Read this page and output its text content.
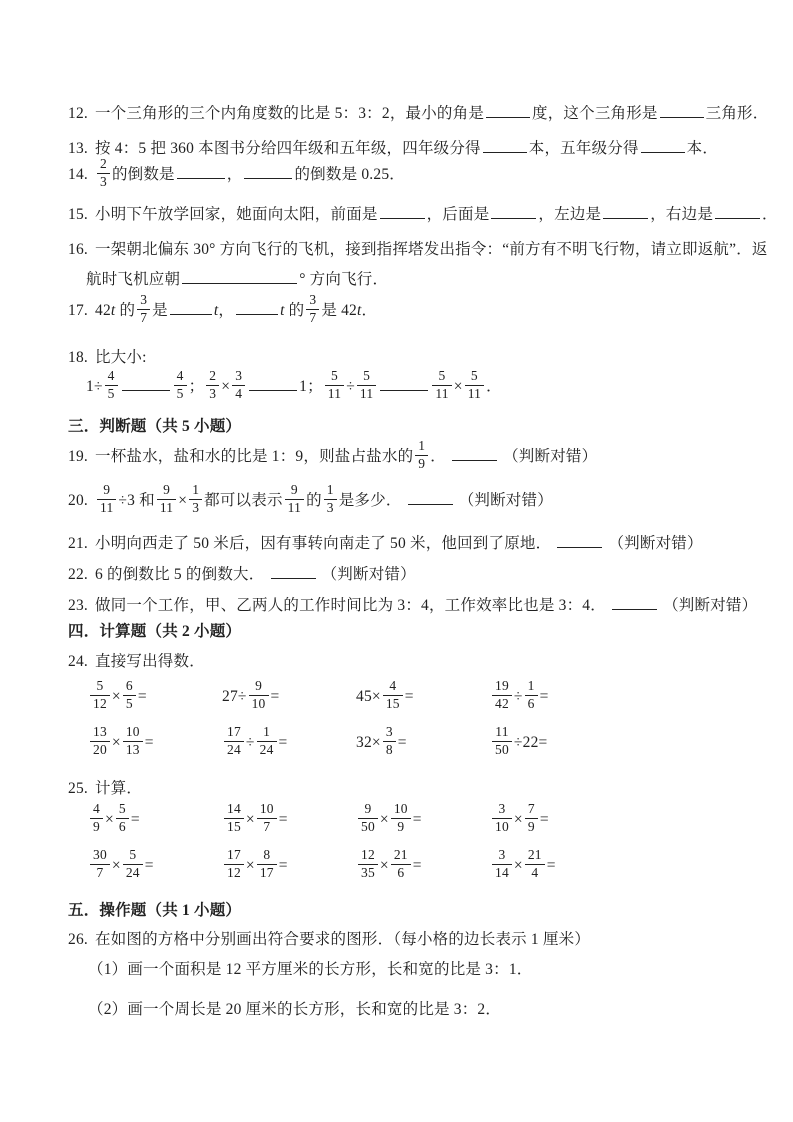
12. 一个三角形的三个内角度数的比是 5：3：2，最小的角是	度，这个三角形是	三角形．
13. 按 4：5 把 360 本图书分给四年级和五年级，四年级分得	本，五年级分得	本．
14. $\frac{2}{3}$ 的倒数是	，	的倒数是 0.25．
15. 小明下午放学回家，她面向太阳，前面是	，后面是	，左边是	，右边是	．
16. 一架朝北偏东 30° 方向飞行的飞机，接到指挥塔发出指令：“前方有不明飞行物，请立即返航”．返
航时飞机应朝	° 方向飞行．
17. 42t 的 $\frac{3}{7}$ 是	t，	t 的 $\frac{3}{7}$ 是 42t．
18. 比大小:
$1\div \frac{4}{5}$	$\frac{4}{5}$ ； $\frac{2}{3} \times \frac{3}{4}$	1； $\frac{5}{11} \div \frac{5}{11}$	$\frac{5}{11} \times \frac{5}{11}$ ．
三．判断题（共 5 小题）
19. 一杯盐水，盐和水的比是 1：9，则盐占盐水的 $\frac{1}{9}$ ．	（判断对错）
20. $\frac{9}{11} \div 3$ 和 $\frac{9}{11} \times \frac{1}{3}$ 都可以表示 $\frac{9}{11}$ 的 $\frac{1}{3}$ 是多少．	（判断对错）
21. 小明向西走了 50 米后，因有事转向南走了 50 米，他回到了原地．	（判断对错）
22. 6 的倒数比 5 的倒数大．	（判断对错）
23. 做同一个工作，甲、乙两人的工作时间比为 3：4，工作效率比也是 3：4．	（判断对错）
四．计算题（共 2 小题）
24. 直接写出得数．
$\frac{5}{12} \times \frac{6}{5}$ =	$27\div \frac{9}{10}$ =	$45\times \frac{4}{15}$ =	$\frac{19}{42} \div \frac{1}{6}$ =
$\frac{13}{20} \times \frac{10}{13}$ =	$\frac{17}{24} \div \frac{1}{24}$ =	$32\times \frac{3}{8}$ =	$\frac{11}{50} \div 22=$
25. 计算．
$\frac{4}{9} \times \frac{5}{6}$ =	$\frac{14}{15} \times \frac{10}{7}$ =	$\frac{9}{50} \times \frac{10}{9}$ =	$\frac{3}{10} \times \frac{7}{9}$ =
$\frac{30}{7} \times \frac{5}{24}$ =	$\frac{17}{12} \times \frac{8}{17}$ =	$\frac{12}{35} \times \frac{21}{6}$ =	$\frac{3}{14} \times \frac{21}{4}$ =
五．操作题（共 1 小题）
26. 在如图的方格中分别画出符合要求的图形．（每小格的边长表示 1 厘米）
（1）画一个面积是 12 平方厘米的长方形，长和宽的比是 3：1．
（2）画一个周长是 20 厘米的长方形，长和宽的比是 3：2．
